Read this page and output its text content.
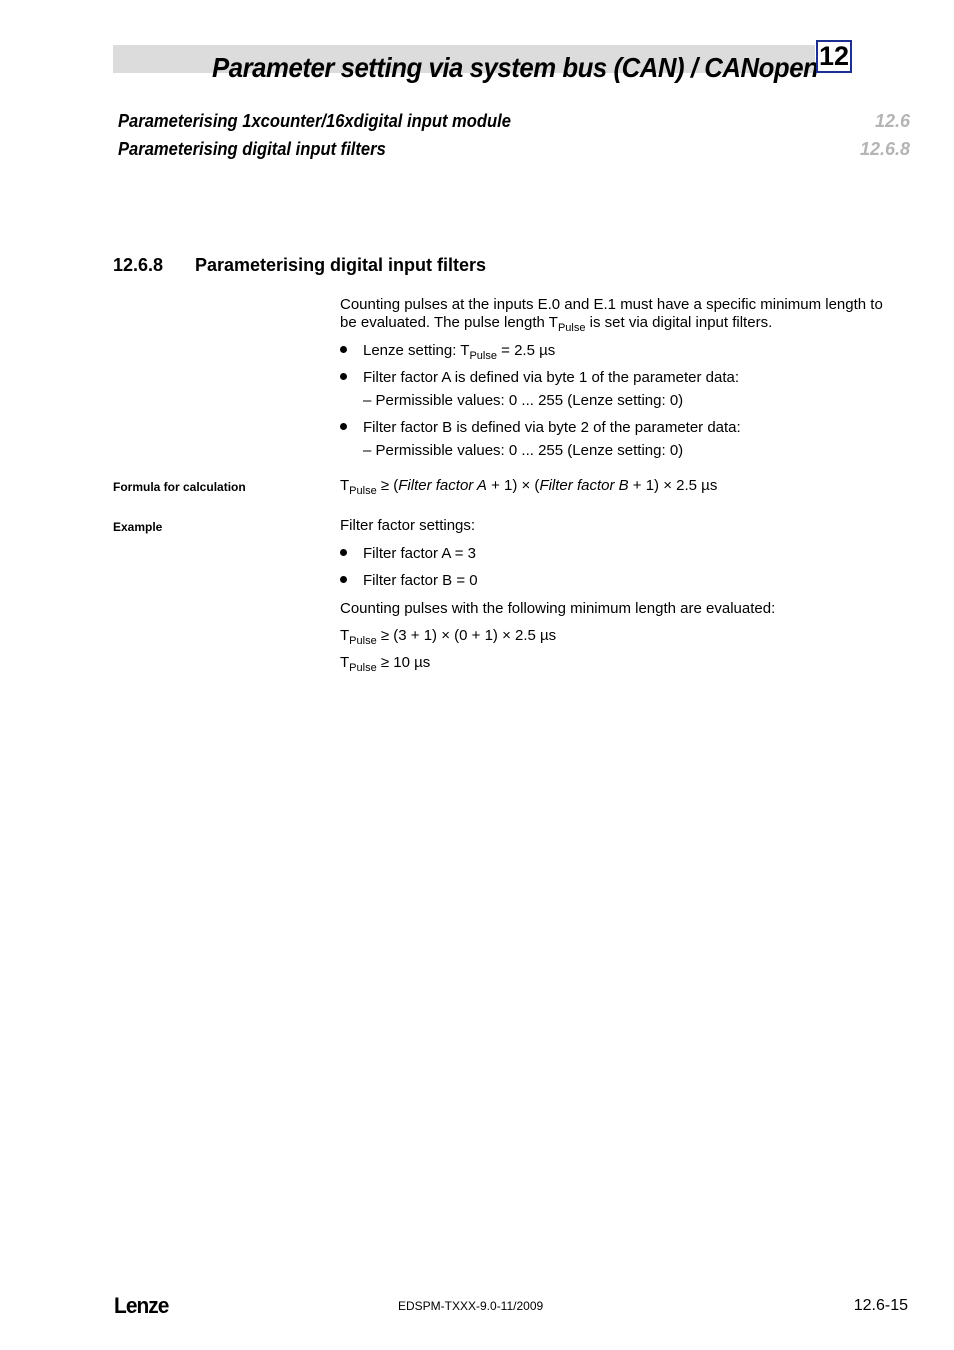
Parameter setting via system bus (CAN) / CANopen 12
Parameterising 1xcounter/16xdigital input module	12.6
Parameterising digital input filters	12.6.8
12.6.8 Parameterising digital input filters
Counting pulses at the inputs E.0 and E.1 must have a specific minimum length to
be evaluated. The pulse length $T_{Pulse}$ is set via digital input filters.
Lenze setting: $T_{Pulse} = 2.5$ µs
Filter factor A is defined via byte 1 of the parameter data:
– Permissible values: 0 ... 255 (Lenze setting: 0)
Filter factor B is defined via byte 2 of the parameter data:
– Permissible values: 0 ... 255 (Lenze setting: 0)
Formula for calculation	$T_{Pulse}$ ≥ (Filter factor A + 1) × (Filter factor B + 1) × 2.5 µs
Example	Filter factor settings:
Filter factor A = 3
Filter factor B = 0
Counting pulses with the following minimum length are evaluated:
$T_{Pulse} \ge (3 + 1) \times (0 + 1) \times 2.5$ µs
$T_{Pulse} \ge 10$ µs
Lenze	EDSPM-TXXX-9.0-11/2009	12.6-15
